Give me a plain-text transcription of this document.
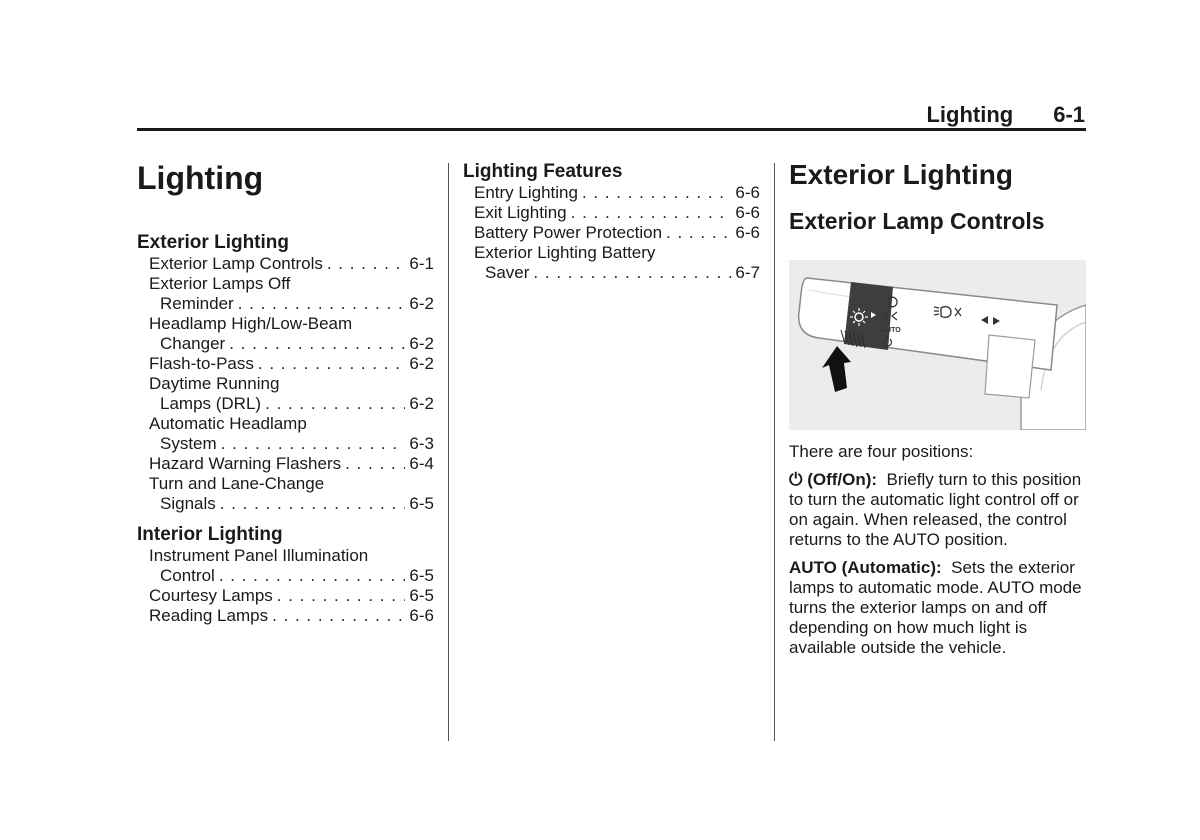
Lighting 6-1
Lighting
Exterior Lighting
Exterior Lamp Controls . . .	6-1
Exterior Lamps Off
Reminder . . .	6-2
Headlamp High/Low-Beam
Changer . . .	6-2
Flash-to-Pass . . .	6-2
Daytime Running
Lamps (DRL) . . .	6-2
Automatic Headlamp
System . . .	6-3
Hazard Warning Flashers . . .	6-4
Turn and Lane-Change
Signals . . .	6-5
Interior Lighting
Instrument Panel Illumination
Control . . .	6-5
Courtesy Lamps . . .	6-5
Reading Lamps . . .	6-6
Lighting Features
Entry Lighting . . .	6-6
Exit Lighting . . .	6-6
Battery Power Protection . . .	6-6
Exterior Lighting Battery
Saver . . .	6-7
Exterior Lighting
Exterior Lamp Controls
AUTO

There are four positions:

⏻ (Off/On): Briefly turn to this position to turn the automatic light control off or on again. When released, the control returns to the AUTO position.

AUTO (Automatic): Sets the exterior lamps to automatic mode. AUTO mode turns the exterior lamps on and off depending on how much light is available outside the vehicle.
